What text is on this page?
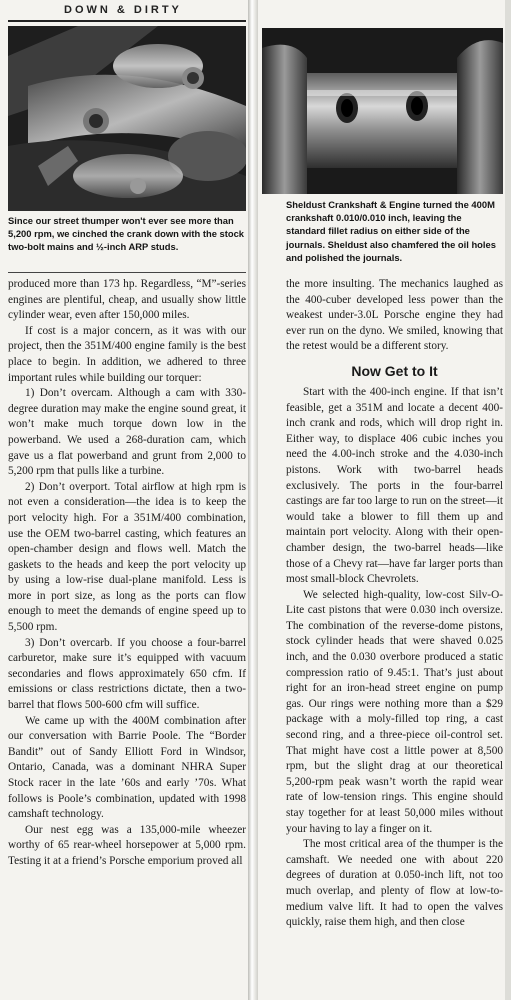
DOWN & DIRTY
Since our street thumper won't ever see more than 5,200 rpm, we cinched the crank down with the stock two-bolt mains and ½-inch ARP studs.
Sheldust Crankshaft & Engine turned the 400M crankshaft 0.010/0.010 inch, leaving the standard fillet radius on either side of the journals. Sheldust also chamfered the oil holes and polished the journals.

produced more than 173 hp. Regardless, “M”-series engines are plentiful, cheap, and usually show little cylinder wear, even after 150,000 miles.

If cost is a major concern, as it was with our project, then the 351M/400 engine family is the best place to begin. In addition, we adhered to three important rules while building our torquer:

1) Don’t overcam. Although a cam with 330-degree duration may make the engine sound great, it won’t make much torque down low in the powerband. We used a 268-duration cam, which gave us a flat powerband and grunt from 2,000 to 5,200 rpm that pulls like a turbine.

2) Don’t overport. Total airflow at high rpm is not even a consideration—the idea is to keep the port velocity high. For a 351M/400 combination, use the OEM two-barrel casting, which features an open-chamber design and flows well. Match the gaskets to the heads and keep the port velocity up by using a low-rise dual-plane manifold. Less is more in port size, as long as the ports can flow enough to meet the demands of engine speed up to 5,500 rpm.

3) Don’t overcarb. If you choose a four-barrel carburetor, make sure it’s equipped with vacuum secondaries and flows approximately 650 cfm. If emissions or class restrictions dictate, then a two-barrel that flows 500-600 cfm will suffice.

We came up with the 400M combination after our conversation with Barrie Poole. The “Border Bandit” out of Sandy Elliott Ford in Windsor, Ontario, Canada, was a dominant NHRA Super Stock racer in the late ’60s and early ’70s. What follows is Poole’s combination, updated with 1998 camshaft technology.

Our nest egg was a 135,000-mile wheezer worthy of 65 rear-wheel horsepower at 5,000 rpm. Testing it at a friend’s Porsche emporium proved all

the more insulting. The mechanics laughed as the 400-cuber developed less power than the weakest under-3.0L Porsche engine they had ever run on the dyno. We smiled, knowing that the retest would be a different story.

Now Get to It

Start with the 400-inch engine. If that isn’t feasible, get a 351M and locate a decent 400-inch crank and rods, which will drop right in. Either way, to displace 406 cubic inches you need the 4.00-inch stroke and the 4.030-inch pistons. Work with two-barrel heads exclusively. The ports in the four-barrel castings are far too large to run on the street—it would take a blower to fill them up and maintain port velocity. Along with their open-chamber design, the two-barrel heads—like those of a Chevy rat—have far larger ports than most small-block Chevrolets.

We selected high-quality, low-cost Silv-O-Lite cast pistons that were 0.030 inch oversize. The combination of the reverse-dome pistons, stock cylinder heads that were shaved 0.025 inch, and the 0.030 overbore produced a static compression ratio of 9.45:1. That’s just about right for an iron-head street engine on pump gas. Our rings were nothing more than a $29 package with a moly-filled top ring, a cast second ring, and a three-piece oil-control set. That might have cost a little power at 8,500 rpm, but the slight drag at our theoretical 5,200-rpm peak wasn’t worth the rapid wear rate of low-tension rings. This engine should stay together for at least 50,000 miles without your having to lay a finger on it.

The most critical area of the thumper is the camshaft. We needed one with about 220 degrees of duration at 0.050-inch lift, not too much overlap, and plenty of flow at low-to-medium valve lift. It had to open the valves quickly, raise them high, and then close
